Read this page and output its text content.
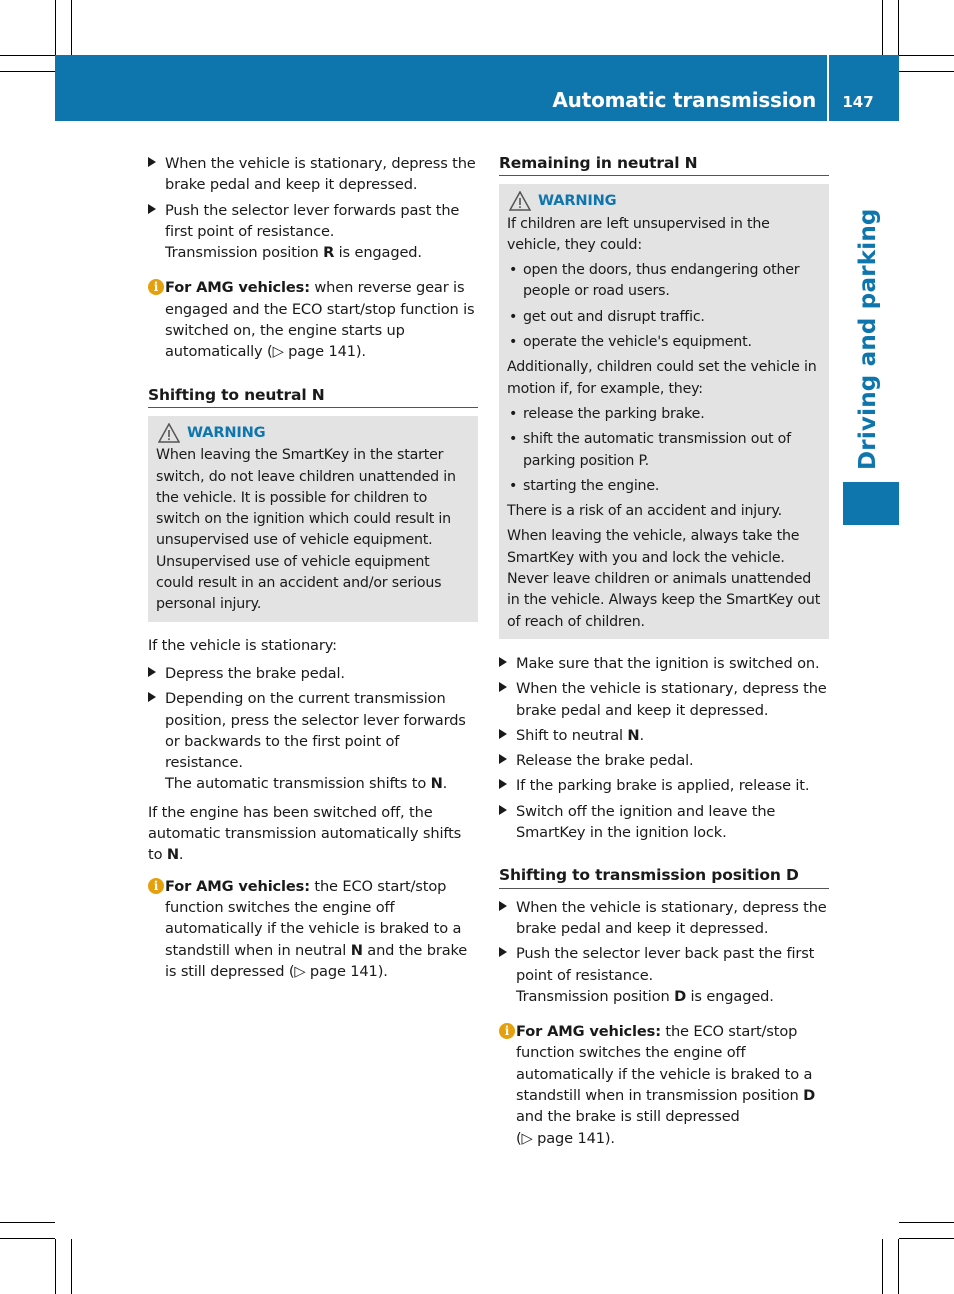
Automatic transmission	147
Driving and parking
When the vehicle is stationary, depress the brake pedal and keep it depressed.
Push the selector lever forwards past the first point of resistance.
Transmission position R is engaged.
i For AMG vehicles: when reverse gear is engaged and the ECO start/stop function is switched on, the engine starts up automatically (▷ page 141).
Shifting to neutral N
WARNING
When leaving the SmartKey in the starter switch, do not leave children unattended in the vehicle. It is possible for children to switch on the ignition which could result in unsupervised use of vehicle equipment.
Unsupervised use of vehicle equipment could result in an accident and/or serious personal injury.

If the vehicle is stationary:

Depress the brake pedal.
Depending on the current transmission position, press the selector lever forwards or backwards to the first point of resistance.
The automatic transmission shifts to N.

If the engine has been switched off, the automatic transmission automatically shifts to N.

i For AMG vehicles: the ECO start/stop function switches the engine off automatically if the vehicle is braked to a standstill when in neutral N and the brake is still depressed (▷ page 141).
Remaining in neutral N
WARNING
If children are left unsupervised in the vehicle, they could:
• open the doors, thus endangering other people or road users.
• get out and disrupt traffic.
• operate the vehicle's equipment.
Additionally, children could set the vehicle in motion if, for example, they:
• release the parking brake.
• shift the automatic transmission out of parking position P.
• starting the engine.
There is a risk of an accident and injury.
When leaving the vehicle, always take the SmartKey with you and lock the vehicle. Never leave children or animals unattended in the vehicle. Always keep the SmartKey out of reach of children.
Make sure that the ignition is switched on.
When the vehicle is stationary, depress the brake pedal and keep it depressed.
Shift to neutral N.
Release the brake pedal.
If the parking brake is applied, release it.
Switch off the ignition and leave the SmartKey in the ignition lock.
Shifting to transmission position D
When the vehicle is stationary, depress the brake pedal and keep it depressed.
Push the selector lever back past the first point of resistance.
Transmission position D is engaged.
i For AMG vehicles: the ECO start/stop function switches the engine off automatically if the vehicle is braked to a standstill when in transmission position D and the brake is still depressed
(▷ page 141).
